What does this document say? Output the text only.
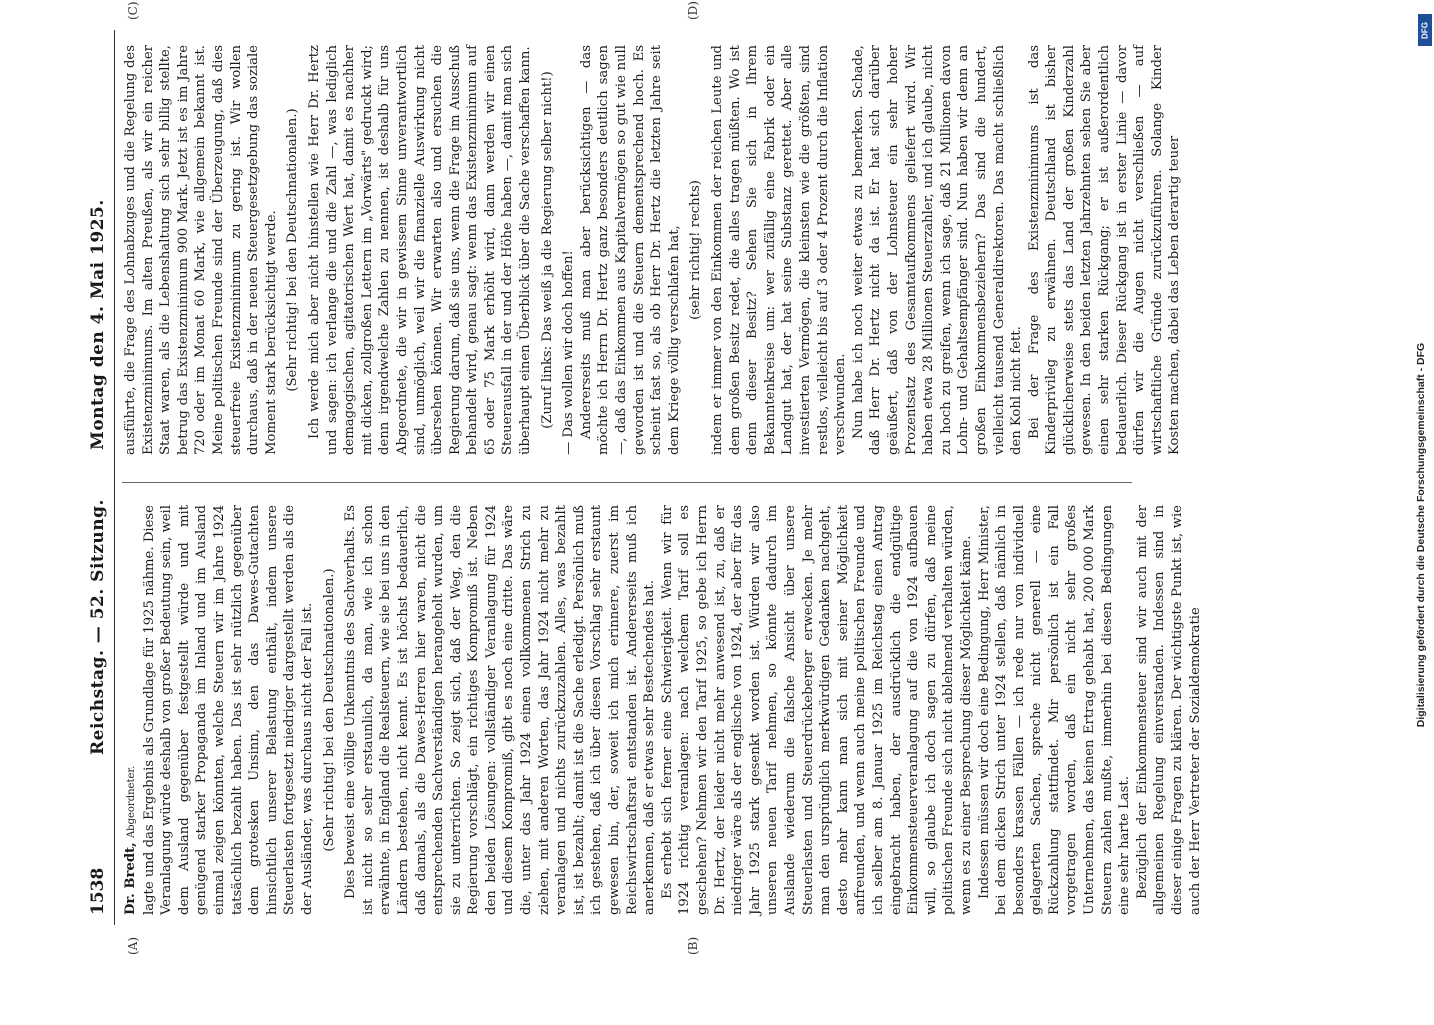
1538
Reichstag. — 52. Sitzung.
Montag den 4. Mai 1925.
(A)	(B)
(C)	(D)

Dr. Bredt, Abgeordneter. lagte und das Ergebnis als Grundlage für 1925 nähme. Diese Veranlagung würde deshalb von großer Bedeutung sein, weil dem Ausland gegenüber festgestellt würde und mit genügend starker Propaganda im Inland und im Ausland einmal zeigen könnten, welche Steuern wir im Jahre 1924 tatsächlich bezahlt haben. Das ist sehr nützlich gegenüber dem grotesken Unsinn, den das Dawes-Gutachten hinsichtlich unserer Belastung enthält, indem unsere Steuerlasten fortgesetzt niedriger dargestellt werden als die der Ausländer, was durchaus nicht der Fall ist. (Sehr richtig! bei den Deutschnationalen.) Dies beweist eine völlige Unkenntnis des Sachverhalts. Es ist nicht so sehr erstaunlich, da man, wie ich schon erwähnte, in England die Realsteuern, wie sie bei uns in den Ländern bestehen, nicht kennt. Es ist höchst bedauerlich, daß damals, als die Dawes-Herren hier waren, nicht die entsprechenden Sachverständigen herangeholt wurden, um sie zu unterrichten. So zeigt sich, daß der Weg, den die Regierung vorschlägt, ein richtiges Kompromiß ist. Neben den beiden Lösungen: vollständiger Veranlagung für 1924 und diesem Kompromiß, gibt es noch eine dritte. Das wäre die, unter das Jahr 1924 einen vollkommenen Strich zu ziehen, mit anderen Worten, das Jahr 1924 nicht mehr zu veranlagen und nichts zurückzuzahlen. Alles, was bezahlt ist, ist bezahlt; damit ist die Sache erledigt. Persönlich muß ich gestehen, daß ich über diesen Vorschlag sehr erstaunt gewesen bin, der, soweit ich mich erinnere, zuerst im Reichswirtschaftsrat entstanden ist. Andererseits muß ich anerkennen, daß er etwas sehr Bestechendes hat. Es erhebt sich ferner eine Schwierigkeit. Wenn wir für 1924 richtig veranlagen: nach welchem Tarif soll es geschehen? Nehmen wir den Tarif 1925, so gebe ich Herrn Dr. Hertz, der leider nicht mehr anwesend ist, zu, daß er niedriger wäre als der englische von 1924, der aber für das Jahr 1925 stark gesenkt worden ist. Würden wir also unseren neuen Tarif nehmen, so könnte dadurch im Auslande wiederum die falsche Ansicht über unsere Steuerlasten und Steuerdrückeberger erwecken. Je mehr man den ursprünglich merkwürdigen Gedanken nachgeht, desto mehr kann man sich mit seiner Möglichkeit anfreunden, und wenn auch meine politischen Freunde und ich selber am 8. Januar 1925 im Reichstag einen Antrag eingebracht haben, der ausdrücklich die endgültige Einkommensteuerveranlagung auf die von 1924 aufbauen will, so glaube ich doch sagen zu dürfen, daß meine politischen Freunde sich nicht ablehnend verhalten würden, wenn es zu einer Besprechung dieser Möglichkeit käme. Indessen müssen wir doch eine Bedingung, Herr Minister, bei dem dicken Strich unter 1924 stellen, daß nämlich in besonders krassen Fällen — ich rede nur von individuell gelagerten Sachen, spreche nicht generell — eine Rückzahlung stattfindet. Mir persönlich ist ein Fall vorgetragen worden, daß ein nicht sehr großes Unternehmen, das keinen Ertrag gehabt hat, 200 000 Mark Steuern zahlen mußte, immerhin bei diesen Bedingungen eine sehr harte Last. Bezüglich der Einkommensteuer sind wir auch mit der allgemeinen Regelung einverstanden. Indessen sind in dieser einige Fragen zu klären. Der wichtigste Punkt ist, wie auch der Herr Vertreter der Sozialdemokratie

ausführte, die Frage des Lohnabzuges und die Regelung des Existenzminimums. Im alten Preußen, als wir ein reicher Staat waren, als die Lebenshaltung sich sehr billig stellte, betrug das Existenzminimum 900 Mark. Jetzt ist es im Jahre 720 oder im Monat 60 Mark, wie allgemein bekannt ist. Meine politischen Freunde sind der Überzeugung, daß dies steuerfreie Existenzminimum zu gering ist. Wir wollen durchaus, daß in der neuen Steuergesetzgebung das soziale Moment stark berücksichtigt werde. (Sehr richtig! bei den Deutschnationalen.) Ich werde mich aber nicht hinstellen wie Herr Dr. Hertz und sagen: ich verlange die und die Zahl —, was lediglich demagogischen, agitatorischen Wert hat, damit es nachher mit dicken, zollgroßen Lettern im „Vorwärts" gedruckt wird; denn irgendwelche Zahlen zu nennen, ist deshalb für uns Abgeordnete, die wir in gewissem Sinne unverantwortlich sind, unmöglich, weil wir die finanzielle Auswirkung nicht übersehen können. Wir erwarten also und ersuchen die Regierung darum, daß sie uns, wenn die Frage im Ausschuß behandelt wird, genau sagt: wenn das Existenzminimum auf 65 oder 75 Mark erhöht wird, dann werden wir einen Steuerausfall in der und der Höhe haben —, damit man sich überhaupt einen Überblick über die Sache verschaffen kann. (Zuruf links: Das weiß ja die Regierung selber nicht!) — Das wollen wir doch hoffen! Andererseits muß man aber berücksichtigen — das möchte ich Herrn Dr. Hertz ganz besonders deutlich sagen —, daß das Einkommen aus Kapitalvermögen so gut wie null geworden ist und die Steuern dementsprechend hoch. Es scheint fast so, als ob Herr Dr. Hertz die letzten Jahre seit dem Kriege völlig verschlafen hat, (sehr richtig! rechts) indem er immer von den Einkommen der reichen Leute und dem großen Besitz redet, die alles tragen müßten. Wo ist denn dieser Besitz? Sehen Sie sich in Ihrem Bekanntenkreise um: wer zufällig eine Fabrik oder ein Landgut hat, der hat seine Substanz gerettet. Aber alle investierten Vermögen, die kleinsten wie die größten, sind restlos, vielleicht bis auf 3 oder 4 Prozent durch die Inflation verschwunden. Nun habe ich noch weiter etwas zu bemerken. Schade, daß Herr Dr. Hertz nicht da ist. Er hat sich darüber geäußert, daß von der Lohnsteuer ein sehr hoher Prozentsatz des Gesamtaufkommens geliefert wird. Wir haben etwa 28 Millionen Steuerzahler, und ich glaube, nicht zu hoch zu greifen, wenn ich sage, daß 21 Millionen davon Lohn- und Gehaltsempfänger sind. Nun haben wir denn an großen Einkommensbeziehern? Das sind die hundert, vielleicht tausend Generaldirektoren. Das macht schließlich den Kohl nicht fett. Bei der Frage des Existenzminimums ist das Kinderprivileg zu erwähnen. Deutschland ist bisher glücklicherweise stets das Land der großen Kinderzahl gewesen. In den beiden letzten Jahrzehnten sehen Sie aber einen sehr starken Rückgang; er ist außerordentlich bedauerlich. Dieser Rückgang ist in erster Linie — davor dürfen wir die Augen nicht verschließen — auf wirtschaftliche Gründe zurückzuführen. Solange Kinder Kosten machen, dabei das Leben derartig teuer

DFG
Digitalisierung gefördert durch die Deutsche Forschungsgemeinschaft - DFG
